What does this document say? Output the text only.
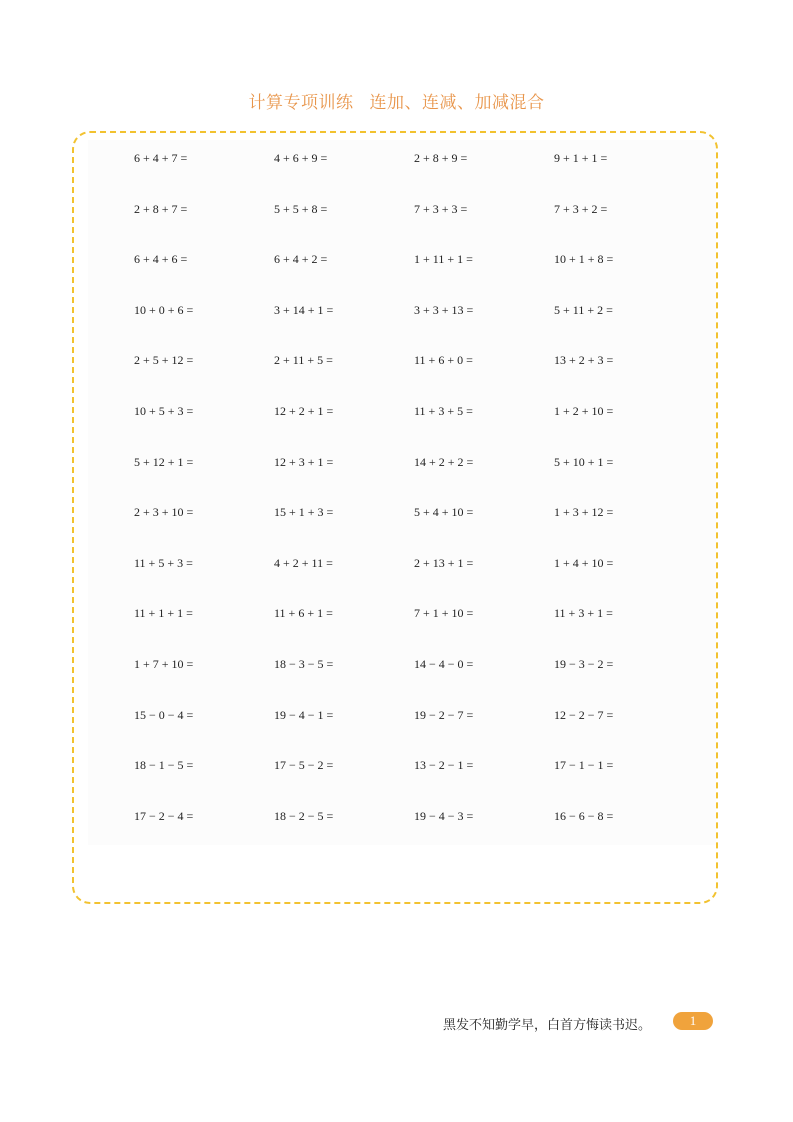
计算专项训练 连加、连减、加减混合
6 + 4 + 7 =	4 + 6 + 9 =	2 + 8 + 9 =	9 + 1 + 1 =
2 + 8 + 7 =	5 + 5 + 8 =	7 + 3 + 3 =	7 + 3 + 2 =
6 + 4 + 6 =	6 + 4 + 2 =	1 + 11 + 1 =	10 + 1 + 8 =
10 + 0 + 6 =	3 + 14 + 1 =	3 + 3 + 13 =	5 + 11 + 2 =
2 + 5 + 12 =	2 + 11 + 5 =	11 + 6 + 0 =	13 + 2 + 3 =
10 + 5 + 3 =	12 + 2 + 1 =	11 + 3 + 5 =	1 + 2 + 10 =
5 + 12 + 1 =	12 + 3 + 1 =	14 + 2 + 2 =	5 + 10 + 1 =
2 + 3 + 10 =	15 + 1 + 3 =	5 + 4 + 10 =	1 + 3 + 12 =
11 + 5 + 3 =	4 + 2 + 11 =	2 + 13 + 1 =	1 + 4 + 10 =
11 + 1 + 1 =	11 + 6 + 1 =	7 + 1 + 10 =	11 + 3 + 1 =
1 + 7 + 10 =	18 − 3 − 5 =	14 − 4 − 0 =	19 − 3 − 2 =
15 − 0 − 4 =	19 − 4 − 1 =	19 − 2 − 7 =	12 − 2 − 7 =
18 − 1 − 5 =	17 − 5 − 2 =	13 − 2 − 1 =	17 − 1 − 1 =
17 − 2 − 4 =	18 − 2 − 5 =	19 − 4 − 3 =	16 − 6 − 8 =
黑发不知勤学早，白首方悔读书迟。	1
